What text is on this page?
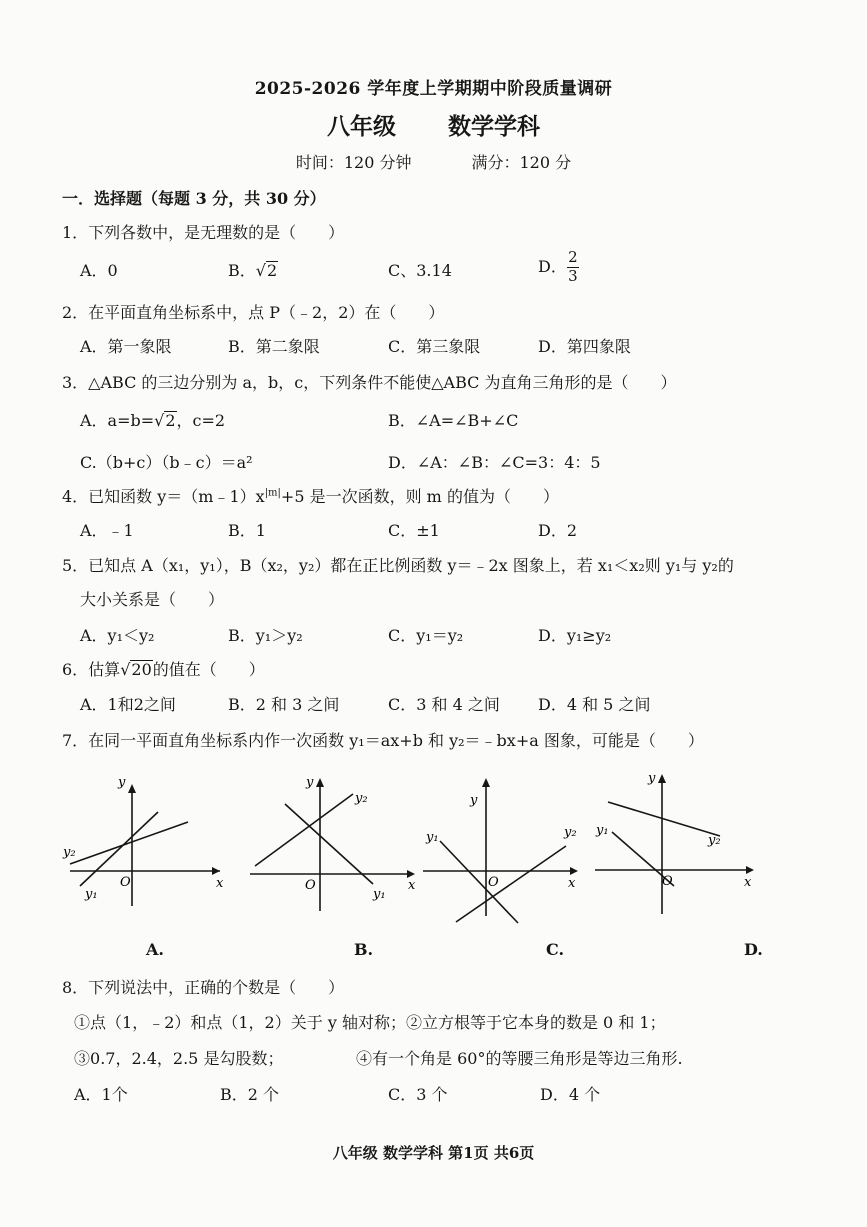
2025-2026 学年度上学期期中阶段质量调研
八年级 数学学科
时间：120 分钟	满分：120 分
一．选择题（每题 3 分，共 30 分）
1．下列各数中，是无理数的是（　　）
A．0	B．√2	C、3.14	D． $\frac{2}{3}$
2．在平面直角坐标系中，点 P（﹣2，2）在（　　）
A．第一象限	B．第二象限	C．第三象限	D．第四象限
3．△ABC 的三边分别为 a，b，c，下列条件不能使△ABC 为直角三角形的是（　　）
A．a=b=√2，c=2	B．∠A=∠B+∠C
C.（b+c）（b﹣c）＝a²	D．∠A：∠B：∠C=3：4：5
4．已知函数 $y=(m﹣1)x^{|m|}+5$ 是一次函数，则 m 的值为（　　）
A．﹣1	B．1	C．±1	D．2
5．已知点 A（x₁，y₁），B（x₂，y₂）都在正比例函数 y＝﹣2x 图象上，若 x₁＜x₂则 y₁与 y₂的
大小关系是（　　）
A．y₁＜y₂	B．y₁＞y₂	C．y₁＝y₂	D．y₁≥y₂
6．估算√20的值在（　　）
A．1和2之间	B．2 和 3 之间	C．3 和 4 之间 D．4 和 5 之间
7．在同一平面直角坐标系内作一次函数 y₁＝ax+b 和 y₂＝﹣bx+a 图象，可能是（　　）
y
x
O
y₂
y₁
y
x
O
y₂
y₁
y
x
O
y₁	y₂
y
x
O
y₁
y₂
A.	B.	C.	D.
8．下列说法中，正确的个数是（　　）
①点（1，﹣2）和点（1，2）关于 y 轴对称；②立方根等于它本身的数是 0 和 1；
③0.7，2.4，2.5 是勾股数；	④有一个角是 60°的等腰三角形是等边三角形.
A．1个	B．2 个	C．3 个	D．4 个
八年级 数学学科 第1页 共6页
